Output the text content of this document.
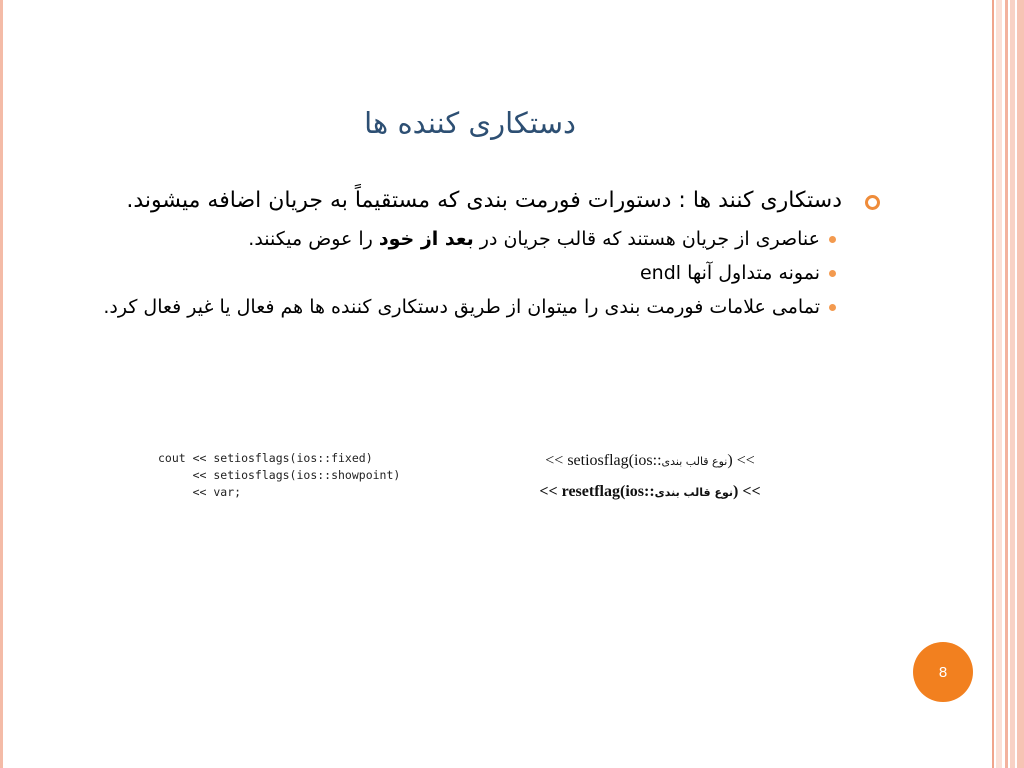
دستکاری کننده ها

دستکاری کنند ها : دستورات فورمت بندی که مستقیماً به جریان اضافه میشوند.

عناصری از جریان هستند که قالب جریان در بعد از خود را عوض میکنند.

نمونه متداول آنها endl

تمامی علامات فورمت بندی را میتوان از طریق دستکاری کننده ها هم فعال یا غیر فعال کرد.

cout << setiosflags(ios::fixed)
<< setiosflags(ios::showpoint)
<< var;
<< setiosflag(ios::نوع قالب بندی) <<
<< resetflag(ios::نوع قالب بندی) <<
8
